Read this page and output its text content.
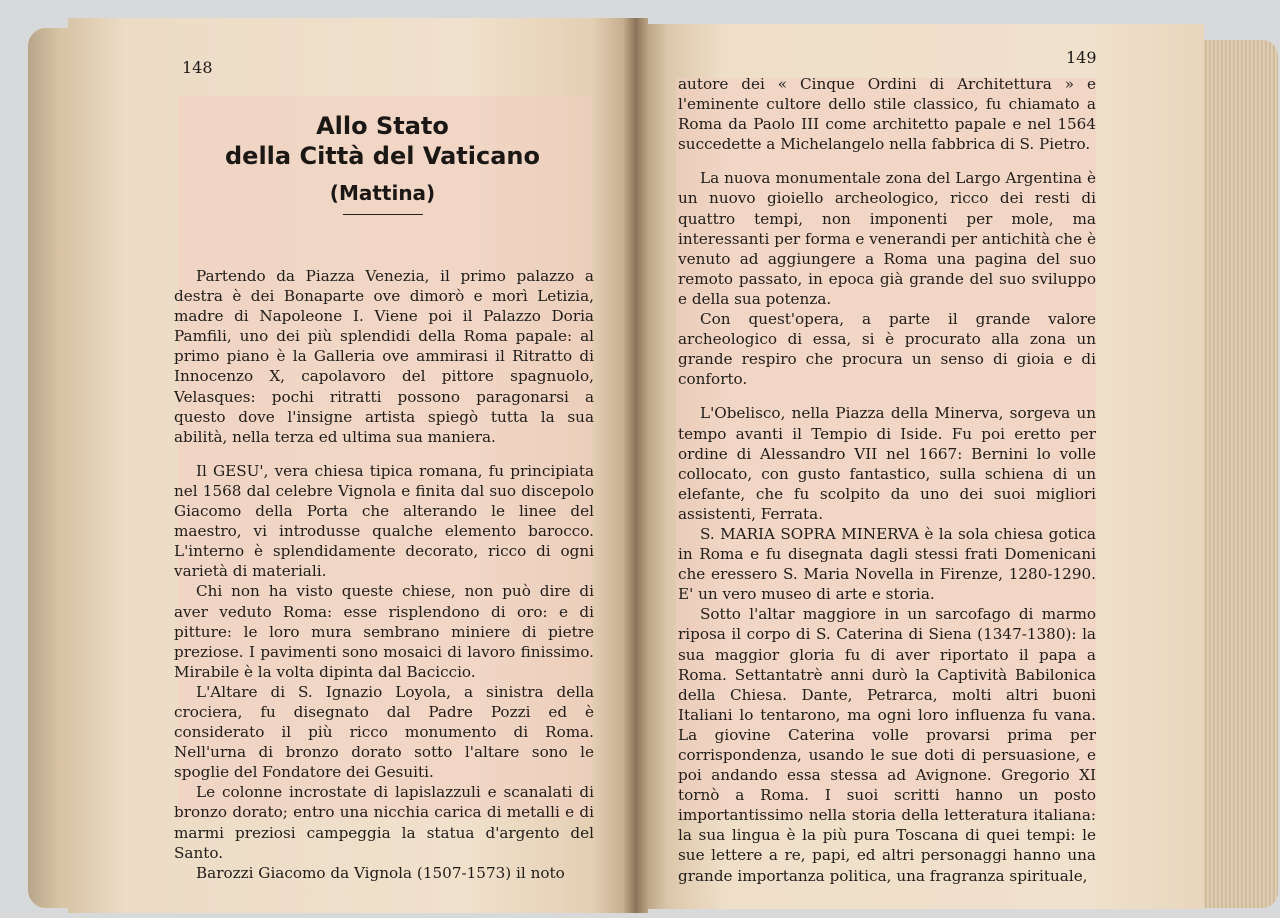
148
Allo Stato
della Città del Vaticano
(Mattina)

Partendo da Piazza Venezia, il primo palazzo a destra è dei Bonaparte ove dimorò e morì Letizia, madre di Napoleone I. Viene poi il Palazzo Doria Pamfili, uno dei più splendidi della Roma papale: al primo piano è la Galleria ove ammirasi il Ritratto di Innocenzo X, capolavoro del pittore spagnuolo, Velasques: pochi ritratti possono paragonarsi a questo dove l'insigne artista spiegò tutta la sua abilità, nella terza ed ultima sua maniera.

Il GESU', vera chiesa tipica romana, fu principiata nel 1568 dal celebre Vignola e finita dal suo discepolo Giacomo della Porta che alterando le linee del maestro, vi introdusse qualche elemento barocco. L'interno è splendidamente decorato, ricco di ogni varietà di materiali.

Chi non ha visto queste chiese, non può dire di aver veduto Roma: esse risplendono di oro: e di pitture: le loro mura sembrano miniere di pietre preziose. I pavimenti sono mosaici di lavoro finissimo. Mirabile è la volta dipinta dal Baciccio.

L'Altare di S. Ignazio Loyola, a sinistra della crociera, fu disegnato dal Padre Pozzi ed è considerato il più ricco monumento di Roma. Nell'urna di bronzo dorato sotto l'altare sono le spoglie del Fondatore dei Gesuiti.

Le colonne incrostate di lapislazzuli e scanalati di bronzo dorato; entro una nicchia carica di metalli e di marmi preziosi campeggia la statua d'argento del Santo.

Barozzi Giacomo da Vignola (1507-1573) il noto

149

autore dei « Cinque Ordini di Architettura » e l'eminente cultore dello stile classico, fu chiamato a Roma da Paolo III come architetto papale e nel 1564 succedette a Michelangelo nella fabbrica di S. Pietro.

La nuova monumentale zona del Largo Argentina è un nuovo gioiello archeologico, ricco dei resti di quattro tempi, non imponenti per mole, ma interessanti per forma e venerandi per antichità che è venuto ad aggiungere a Roma una pagina del suo remoto passato, in epoca già grande del suo sviluppo e della sua potenza.

Con quest'opera, a parte il grande valore archeologico di essa, si è procurato alla zona un grande respiro che procura un senso di gioia e di conforto.

L'Obelisco, nella Piazza della Minerva, sorgeva un tempo avanti il Tempio di Iside. Fu poi eretto per ordine di Alessandro VII nel 1667: Bernini lo volle collocato, con gusto fantastico, sulla schiena di un elefante, che fu scolpito da uno dei suoi migliori assistenti, Ferrata.

S. MARIA SOPRA MINERVA è la sola chiesa gotica in Roma e fu disegnata dagli stessi frati Domenicani che eressero S. Maria Novella in Firenze, 1280-1290. E' un vero museo di arte e storia.

Sotto l'altar maggiore in un sarcofago di marmo riposa il corpo di S. Caterina di Siena (1347-1380): la sua maggior gloria fu di aver riportato il papa a Roma. Settantatrè anni durò la Captività Babilonica della Chiesa. Dante, Petrarca, molti altri buoni Italiani lo tentarono, ma ogni loro influenza fu vana. La giovine Caterina volle provarsi prima per corrispondenza, usando le sue doti di persuasione, e poi andando essa stessa ad Avignone. Gregorio XI tornò a Roma. I suoi scritti hanno un posto importantissimo nella storia della letteratura italiana: la sua lingua è la più pura Toscana di quei tempi: le sue lettere a re, papi, ed altri personaggi hanno una grande importanza politica, una fragranza spirituale,
